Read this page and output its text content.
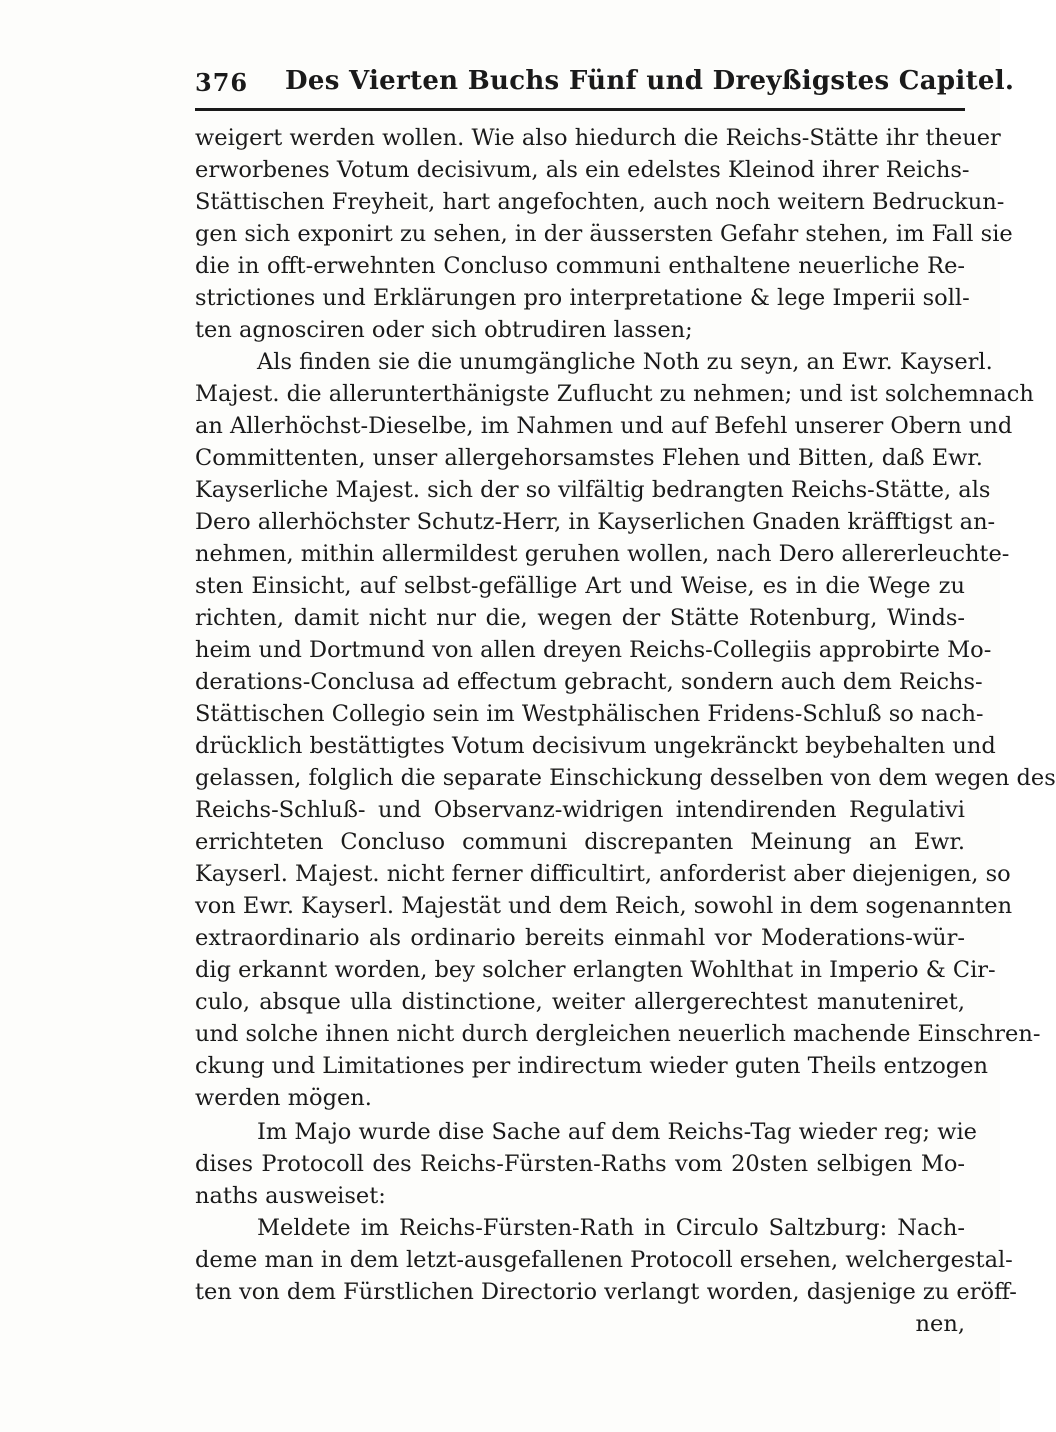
376 Des Vierten Buchs Fünf und Dreyßigstes Capitel.
weigert werden wollen. Wie also hiedurch die Reichs-Stätte ihr theuer
erworbenes Votum decisivum, als ein edelstes Kleinod ihrer Reichs-
Stättischen Freyheit, hart angefochten, auch noch weitern Bedruckun-
gen sich exponirt zu sehen, in der äussersten Gefahr stehen, im Fall sie
die in offt-erwehnten Concluso communi enthaltene neuerliche Re-
strictiones und Erklärungen pro interpretatione & lege Imperii soll-
ten agnosciren oder sich obtrudiren lassen;
Als finden sie die unumgängliche Noth zu seyn, an Ewr. Kayserl.
Majest. die allerunterthänigste Zuflucht zu nehmen; und ist solchemnach
an Allerhöchst-Dieselbe, im Nahmen und auf Befehl unserer Obern und
Committenten, unser allergehorsamstes Flehen und Bitten, daß Ewr.
Kayserliche Majest. sich der so vilfältig bedrangten Reichs-Stätte, als
Dero allerhöchster Schutz-Herr, in Kayserlichen Gnaden kräfftigst an-
nehmen, mithin allermildest geruhen wollen, nach Dero allererleuchte-
sten Einsicht, auf selbst-gefällige Art und Weise, es in die Wege zu
richten, damit nicht nur die, wegen der Stätte Rotenburg, Winds-
heim und Dortmund von allen dreyen Reichs-Collegiis approbirte Mo-
derations-Conclusa ad effectum gebracht, sondern auch dem Reichs-
Stättischen Collegio sein im Westphälischen Fridens-Schluß so nach-
drücklich bestättigtes Votum decisivum ungekränckt beybehalten und
gelassen, folglich die separate Einschickung desselben von dem wegen des
Reichs-Schluß- und Observanz-widrigen intendirenden Regulativi
errichteten Concluso communi discrepanten Meinung an Ewr.
Kayserl. Majest. nicht ferner difficultirt, anforderist aber diejenigen, so
von Ewr. Kayserl. Majestät und dem Reich, sowohl in dem sogenannten
extraordinario als ordinario bereits einmahl vor Moderations-wür-
dig erkannt worden, bey solcher erlangten Wohlthat in Imperio & Cir-
culo, absque ulla distinctione, weiter allergerechtest manuteniret,
und solche ihnen nicht durch dergleichen neuerlich machende Einschren-
ckung und Limitationes per indirectum wieder guten Theils entzogen
werden mögen.
Im Majo wurde dise Sache auf dem Reichs-Tag wieder reg; wie
dises Protocoll des Reichs-Fürsten-Raths vom 20sten selbigen Mo-
naths ausweiset:
Meldete im Reichs-Fürsten-Rath in Circulo Saltzburg: Nach-
deme man in dem letzt-ausgefallenen Protocoll ersehen, welchergestal-
ten von dem Fürstlichen Directorio verlangt worden, dasjenige zu eröff-
nen,
